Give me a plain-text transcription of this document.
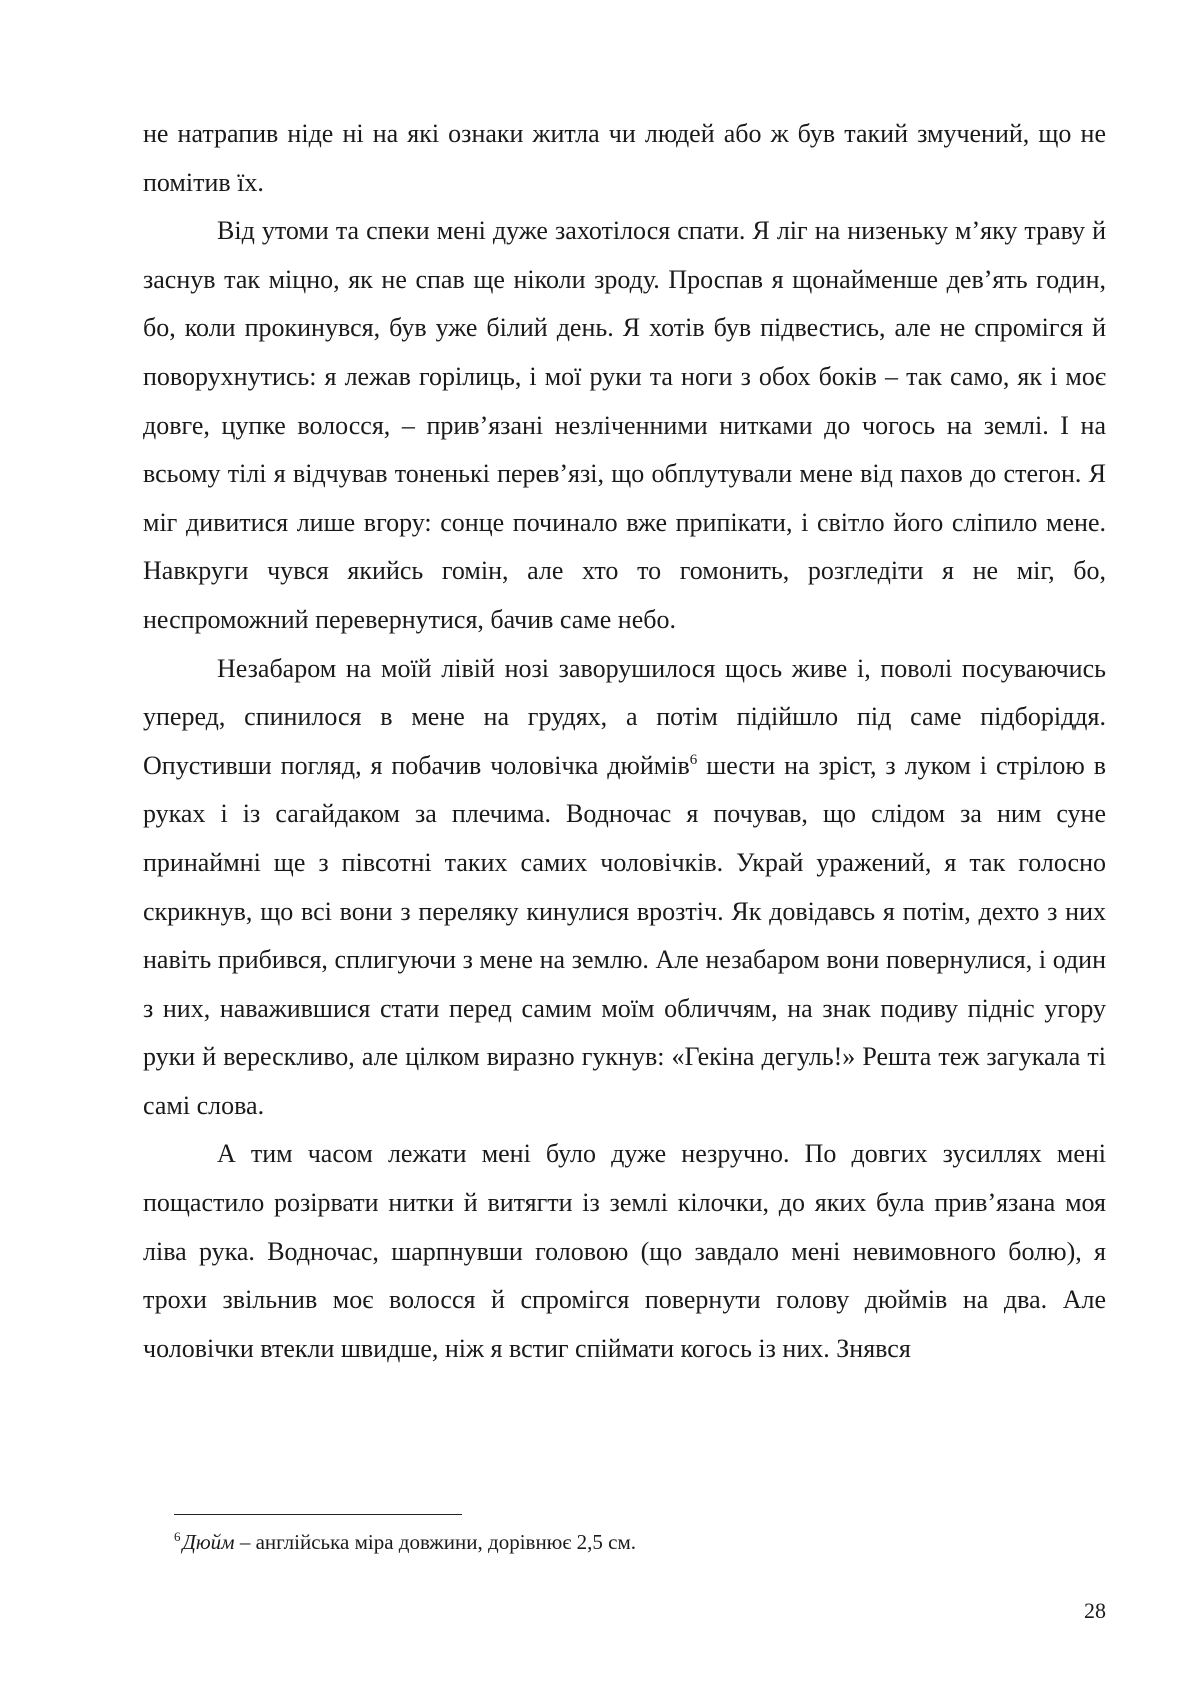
не натрапив ніде ні на які ознаки житла чи людей або ж був такий змучений, що не помітив їх.

Від утоми та спеки мені дуже захотілося спати. Я ліг на низеньку м’яку траву й заснув так міцно, як не спав ще ніколи зроду. Проспав я щонайменше дев’ять годин, бо, коли прокинувся, був уже білий день. Я хотів був підвестись, але не спромігся й поворухнутись: я лежав горілиць, і мої руки та ноги з обох боків – так само, як і моє довге, цупке волосся, – прив’язані незліченними нитками до чогось на землі. І на всьому тілі я відчував тоненькі перев’язі, що обплутували мене від пахов до стегон. Я міг дивитися лише вгору: сонце починало вже припікати, і світло його сліпило мене. Навкруги чувся якийсь гомін, але хто то гомонить, розгледіти я не міг, бо, неспроможний перевернутися, бачив саме небо.

Незабаром на моїй лівій нозі заворушилося щось живе і, поволі посуваючись уперед, спинилося в мене на грудях, а потім підійшло під саме підборіддя. Опустивши погляд, я побачив чоловічка дюймів$^6$ шести на зріст, з луком і стрілою в руках і із сагайдаком за плечима. Водночас я почував, що слідом за ним суне принаймні ще з півсотні таких самих чоловічків. Украй уражений, я так голосно скрикнув, що всі вони з переляку кинулися врозтіч. Як довідавсь я потім, дехто з них навіть прибився, сплигуючи з мене на землю. Але незабаром вони повернулися, і один з них, наважившися стати перед самим моїм обличчям, на знак подиву підніс угору руки й верескливо, але цілком виразно гукнув: «Гекіна дегуль!» Решта теж загукала ті самі слова.

А тим часом лежати мені було дуже незручно. По довгих зусиллях мені пощастило розірвати нитки й витягти із землі кілочки, до яких була прив’язана моя ліва рука. Водночас, шарпнувши головою (що завдало мені невимовного болю), я трохи звільнив моє волосся й спромігся повернути голову дюймів на два. Але чоловічки втекли швидше, ніж я встиг спіймати когось із них. Знявся

$^6$Дюйм – англійська міра довжини, дорівнює 2,5 см.
28
